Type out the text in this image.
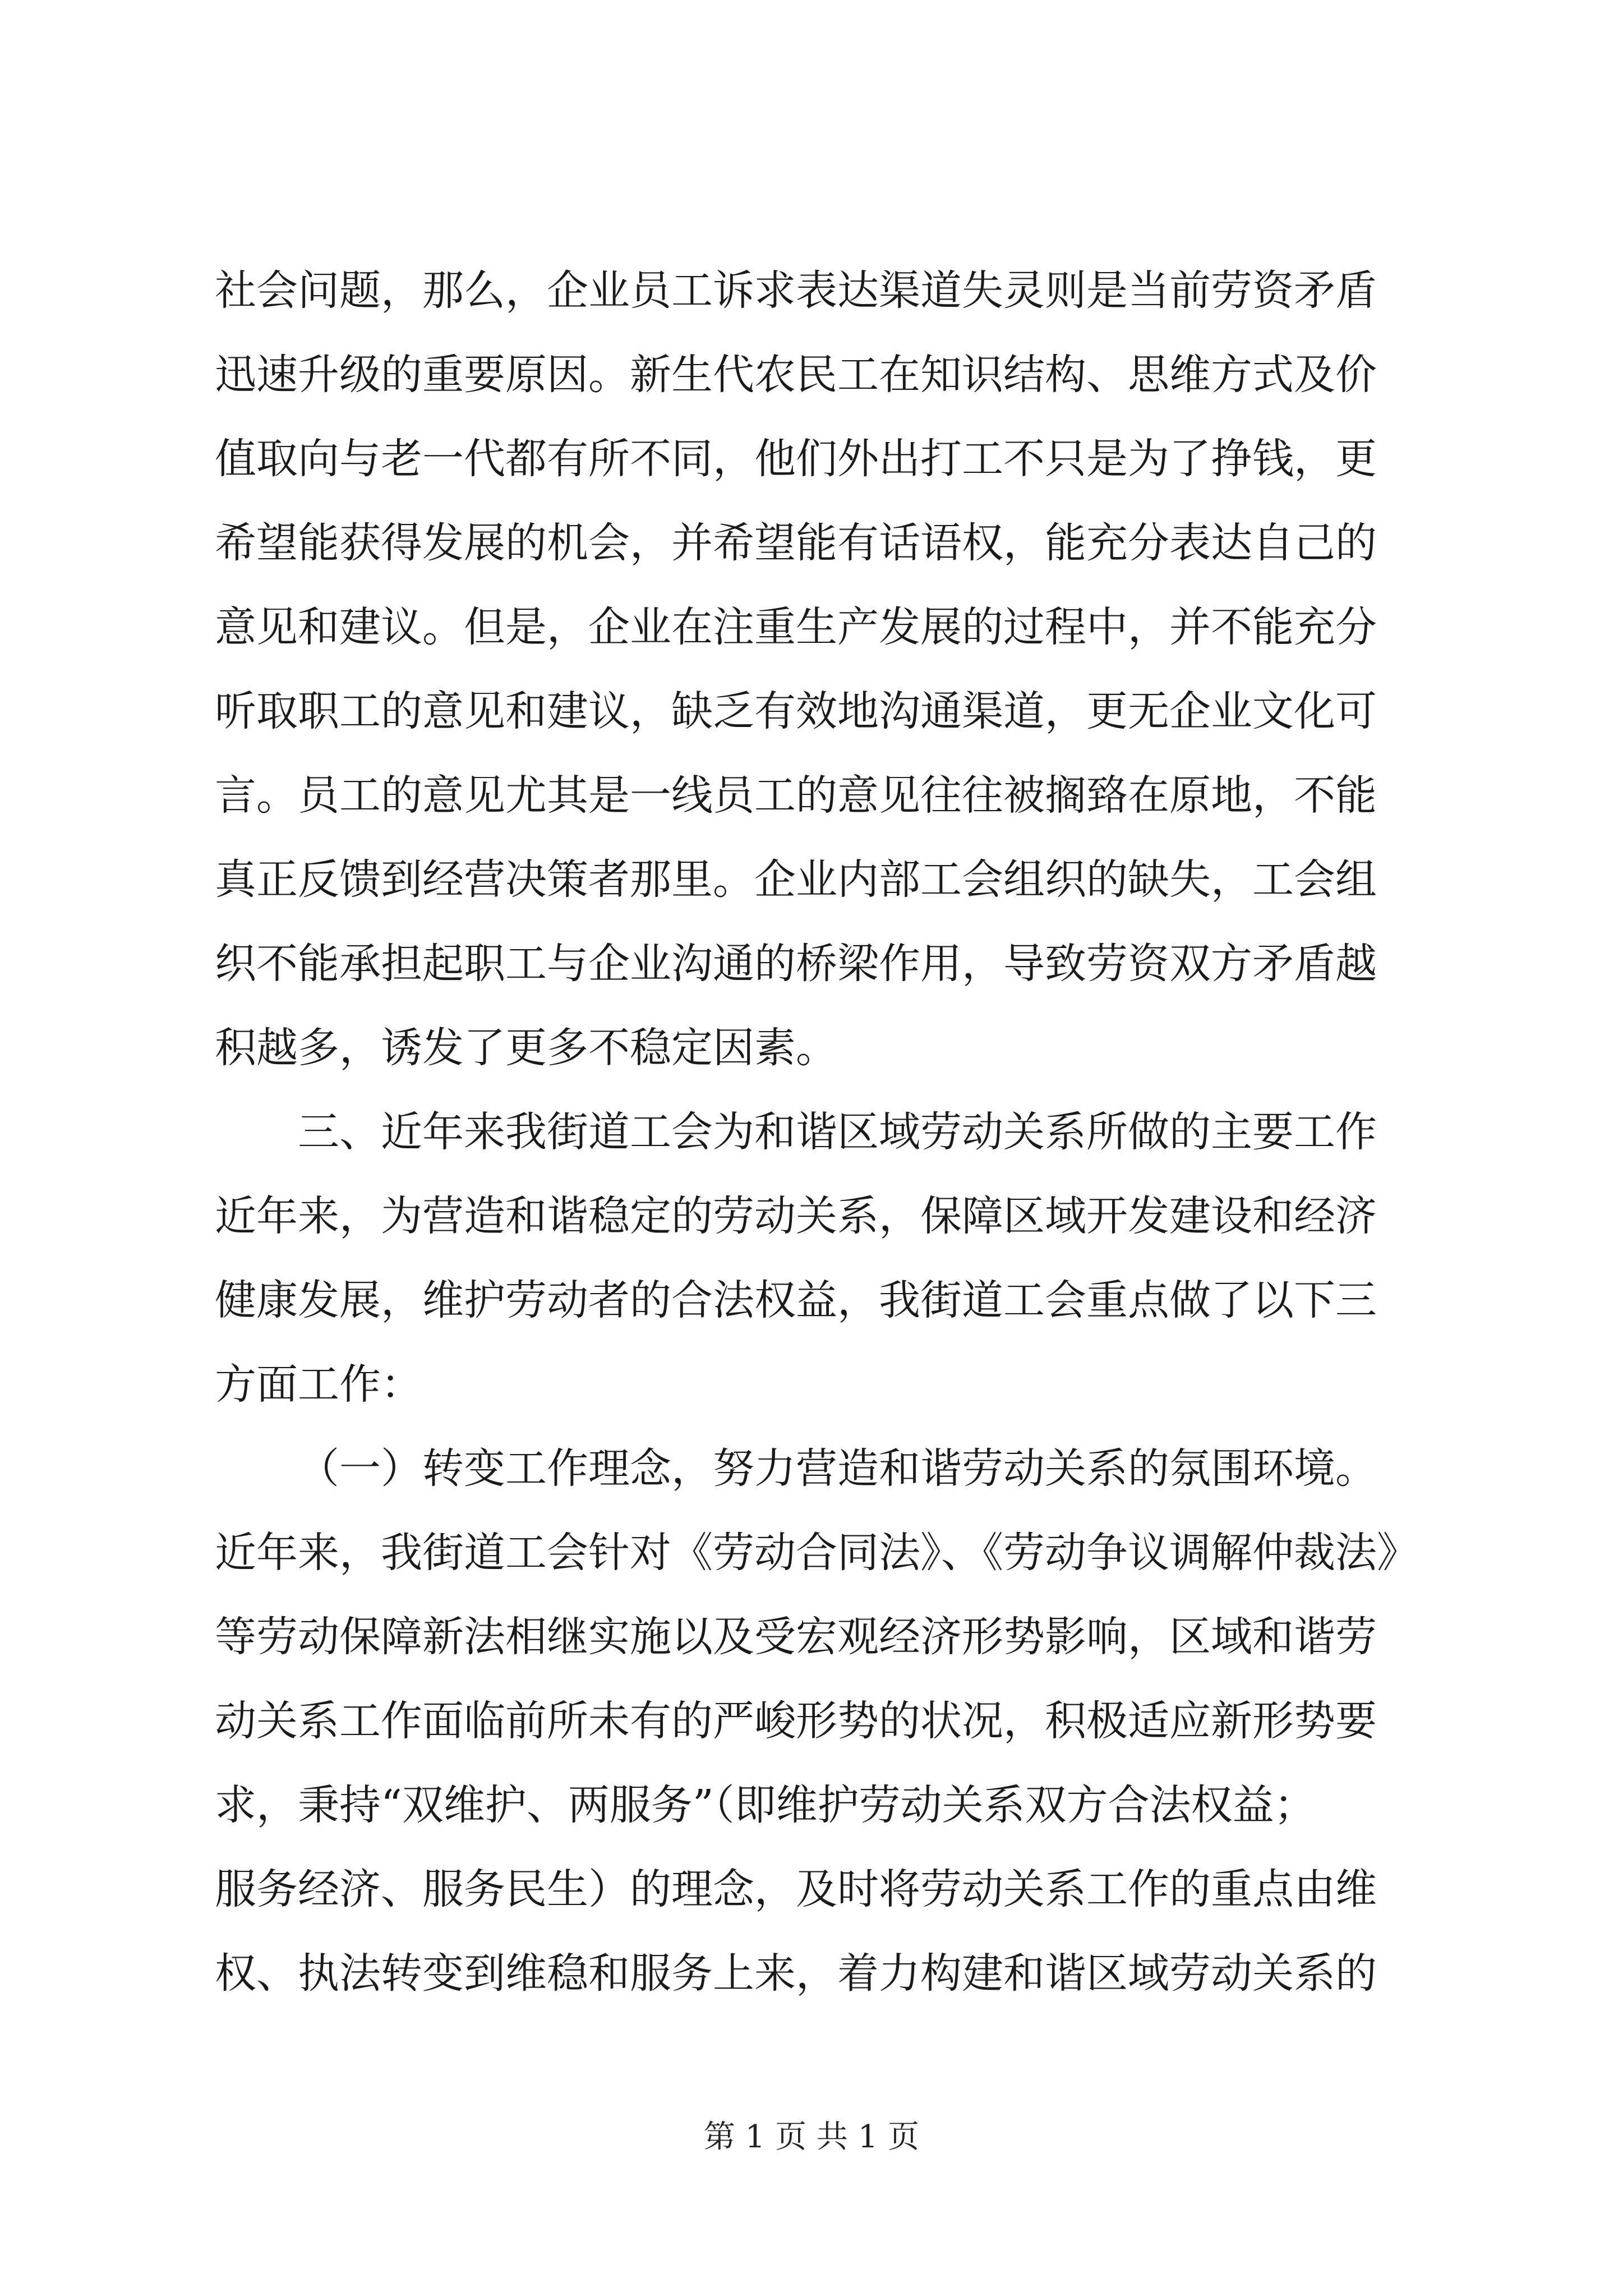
社会问题，那么，企业员工诉求表达渠道失灵则是当前劳资矛盾
迅速升级的重要原因。新生代农民工在知识结构、思维方式及价
值取向与老一代都有所不同，他们外出打工不只是为了挣钱，更
希望能获得发展的机会，并希望能有话语权，能充分表达自己的
意见和建议。但是，企业在注重生产发展的过程中，并不能充分
听取职工的意见和建议，缺乏有效地沟通渠道，更无企业文化可
言。员工的意见尤其是一线员工的意见往往被搁臵在原地，不能
真正反馈到经营决策者那里。企业内部工会组织的缺失，工会组
织不能承担起职工与企业沟通的桥梁作用，导致劳资双方矛盾越
积越多，诱发了更多不稳定因素。
三、近年来我街道工会为和谐区域劳动关系所做的主要工作
近年来，为营造和谐稳定的劳动关系，保障区域开发建设和经济
健康发展，维护劳动者的合法权益，我街道工会重点做了以下三
方面工作：
（一）转变工作理念，努力营造和谐劳动关系的氛围环境。
近年来，我街道工会针对《劳动合同法》、《劳动争议调解仲裁法》
等劳动保障新法相继实施以及受宏观经济形势影响，区域和谐劳
动关系工作面临前所未有的严峻形势的状况，积极适应新形势要
求，秉持“双维护、两服务”（即维护劳动关系双方合法权益；
服务经济、服务民生）的理念，及时将劳动关系工作的重点由维
权、执法转变到维稳和服务上来，着力构建和谐区域劳动关系的
第 1 页 共 1 页
